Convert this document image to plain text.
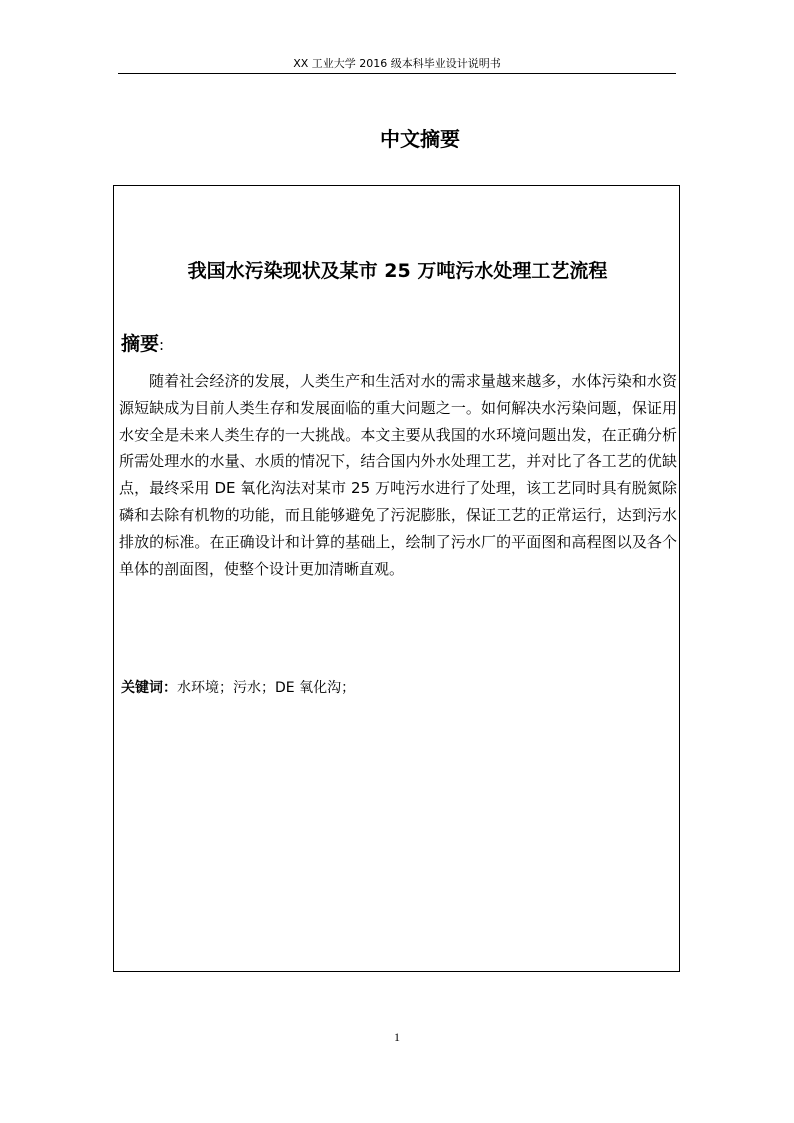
XX 工业大学 2016 级本科毕业设计说明书
中文摘要
我国水污染现状及某市 25 万吨污水处理工艺流程
摘要:

随着社会经济的发展，人类生产和生活对水的需求量越来越多，水体污染和水资源短缺成为目前人类生存和发展面临的重大问题之一。如何解决水污染问题，保证用水安全是未来人类生存的一大挑战。本文主要从我国的水环境问题出发，在正确分析所需处理水的水量、水质的情况下，结合国内外水处理工艺，并对比了各工艺的优缺点，最终采用 DE 氧化沟法对某市 25 万吨污水进行了处理，该工艺同时具有脱氮除磷和去除有机物的功能，而且能够避免了污泥膨胀，保证工艺的正常运行，达到污水排放的标准。在正确设计和计算的基础上，绘制了污水厂的平面图和高程图以及各个单体的剖面图，使整个设计更加清晰直观。

关键词：水环境；污水；DE 氧化沟；
1
